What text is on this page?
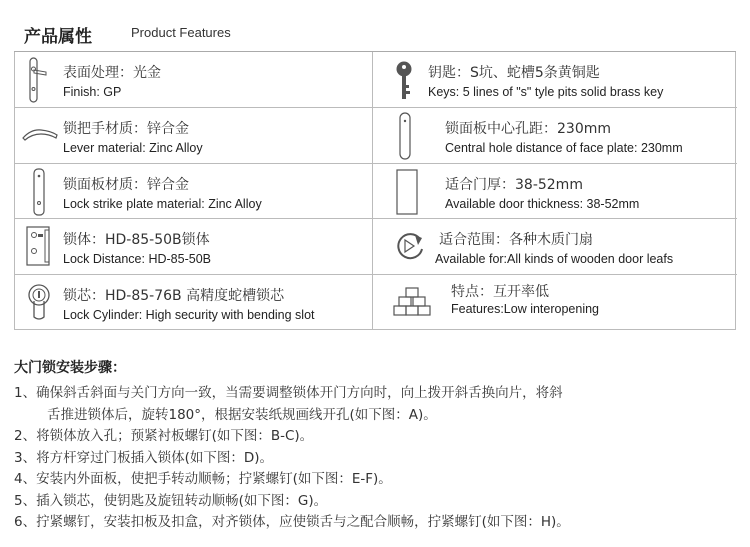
产品属性	Product Features
表面处理：光金
Finish: GP
钥匙：S坑、蛇槽5条黄铜匙
Keys: 5 lines of "s" tyle pits solid brass key
锁把手材质：锌合金
Lever material: Zinc Alloy
锁面板中心孔距：230mm
Central hole distance of face plate: 230mm
锁面板材质：锌合金
Lock strike plate material: Zinc Alloy
适合门厚：38-52mm
Available door thickness: 38-52mm
锁体：HD-85-50B锁体
Lock Distance: HD-85-50B
适合范围：各种木质门扇
Available for:All kinds of wooden door leafs
锁芯：HD-85-76B 高精度蛇槽锁芯
Lock Cylinder: High security with bending slot
特点：互开率低
Features:Low interopening
大门锁安装步骤：
1、确保斜舌斜面与关门方向一致，当需要调整锁体开门方向时，向上拨开斜舌换向片，将斜
舌推进锁体后，旋转180°，根据安装纸规画线开孔(如下图：A)。
2、将锁体放入孔；预紧衬板螺钉(如下图：B-C)。
3、将方杆穿过门板插入锁体(如下图：D)。
4、安装内外面板，使把手转动顺畅；拧紧螺钉(如下图：E-F)。
5、插入锁芯，使钥匙及旋钮转动顺畅(如下图：G)。
6、拧紧螺钉，安装扣板及扣盒，对齐锁体，应使锁舌与之配合顺畅，拧紧螺钉(如下图：H)。
